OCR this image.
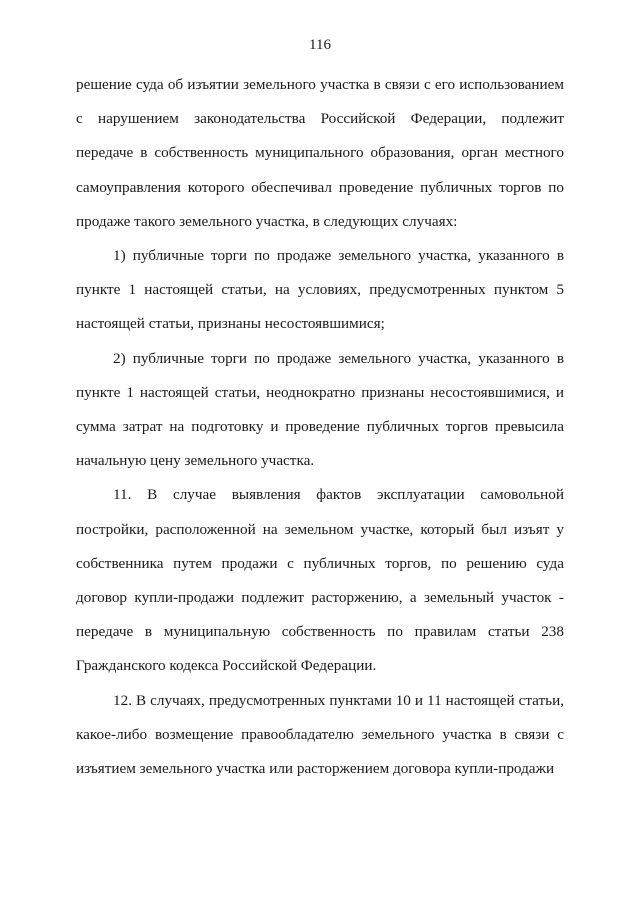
116

решение суда об изъятии земельного участка в связи с его использованием с нарушением законодательства Российской Федерации, подлежит передаче в собственность муниципального образования, орган местного самоуправления которого обеспечивал проведение публичных торгов по продаже такого земельного участка, в следующих случаях:

1) публичные торги по продаже земельного участка, указанного в пункте 1 настоящей статьи, на условиях, предусмотренных пунктом 5 настоящей статьи, признаны несостоявшимися;

2) публичные торги по продаже земельного участка, указанного в пункте 1 настоящей статьи, неоднократно признаны несостоявшимися, и сумма затрат на подготовку и проведение публичных торгов превысила начальную цену земельного участка.

11. В случае выявления фактов эксплуатации самовольной постройки, расположенной на земельном участке, который был изъят у собственника путем продажи с публичных торгов, по решению суда договор купли-продажи подлежит расторжению, а земельный участок - передаче в муниципальную собственность по правилам статьи 238 Гражданского кодекса Российской Федерации.

12. В случаях, предусмотренных пунктами 10 и 11 настоящей статьи, какое-либо возмещение правообладателю земельного участка в связи с изъятием земельного участка или расторжением договора купли-продажи
